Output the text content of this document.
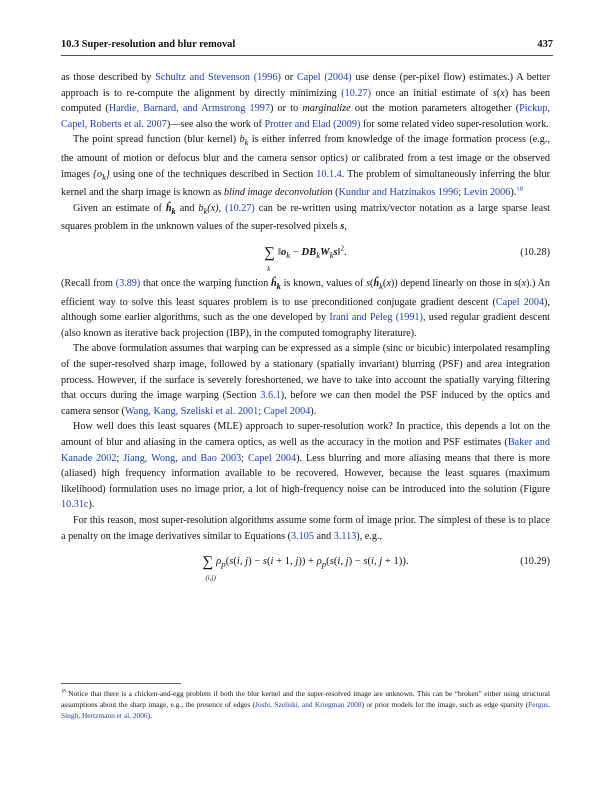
10.3 Super-resolution and blur removal	437

as those described by Schultz and Stevenson (1996) or Capel (2004) use dense (per-pixel flow) estimates.) A better approach is to re-compute the alignment by directly minimizing (10.27) once an initial estimate of s(x) has been computed (Hardie, Barnard, and Armstrong 1997) or to marginalize out the motion parameters altogether (Pickup, Capel, Roberts et al. 2007)—see also the work of Protter and Elad (2009) for some related video super-resolution work.

The point spread function (blur kernel) $b_k$ is either inferred from knowledge of the image formation process (e.g., the amount of motion or defocus blur and the camera sensor optics) or calibrated from a test image or the observed images $\{o_k\}$ using one of the techniques described in Section 10.1.4. The problem of simultaneously inferring the blur kernel and the sharp image is known as blind image deconvolution (Kundur and Hatzinakos 1996; Levin 2006).$^{18}$

Given an estimate of $ĥ_k$ and $b_k(x)$, (10.27) can be re-written using matrix/vector notation as a large sparse least squares problem in the unknown values of the super-resolved pixels s,

∑
k
$‖o_k$ − $DB_kW_ks‖^2$.	(10.28)

(Recall from (3.89) that once the warping function $ĥ_k$ is known, values of $s(ĥ_k(x))$ depend linearly on those in s(x).) An efficient way to solve this least squares problem is to use preconditioned conjugate gradient descent (Capel 2004), although some earlier algorithms, such as the one developed by Irani and Peleg (1991), used regular gradient descent (also known as iterative back projection (IBP), in the computed tomography literature).

The above formulation assumes that warping can be expressed as a simple (sinc or bicubic) interpolated resampling of the super-resolved sharp image, followed by a stationary (spatially invariant) blurring (PSF) and area integration process. However, if the surface is severely foreshortened, we have to take into account the spatially varying filtering that occurs during the image warping (Section 3.6.1), before we can then model the PSF induced by the optics and camera sensor (Wang, Kang, Szeliski et al. 2001; Capel 2004).

How well does this least squares (MLE) approach to super-resolution work? In practice, this depends a lot on the amount of blur and aliasing in the camera optics, as well as the accuracy in the motion and PSF estimates (Baker and Kanade 2002; Jiang, Wong, and Bao 2003; Capel 2004). Less blurring and more aliasing means that there is more (aliased) high frequency information available to be recovered. However, because the least squares (maximum likelihood) formulation uses no image prior, a lot of high-frequency noise can be introduced into the solution (Figure 10.31c).

For this reason, most super-resolution algorithms assume some form of image prior. The simplest of these is to place a penalty on the image derivatives similar to Equations (3.105 and 3.113), e.g.,

∑
(i,j)
$\rho_p(s(i$, j) − s(i + 1, $j)) + \rho_p(s(i$, j) − s(i, j + 1)).	(10.29)
$^{18}$ Notice that there is a chicken-and-egg problem if both the blur kernel and the super-resolved image are unknown. This can be “broken” either using structural assumptions about the sharp image, e.g., the presence of edges (Joshi, Szeliski, and Kriegman 2008) or prior models for the image, such as edge sparsity (Fergus, Singh, Hertzmann et al. 2006).
